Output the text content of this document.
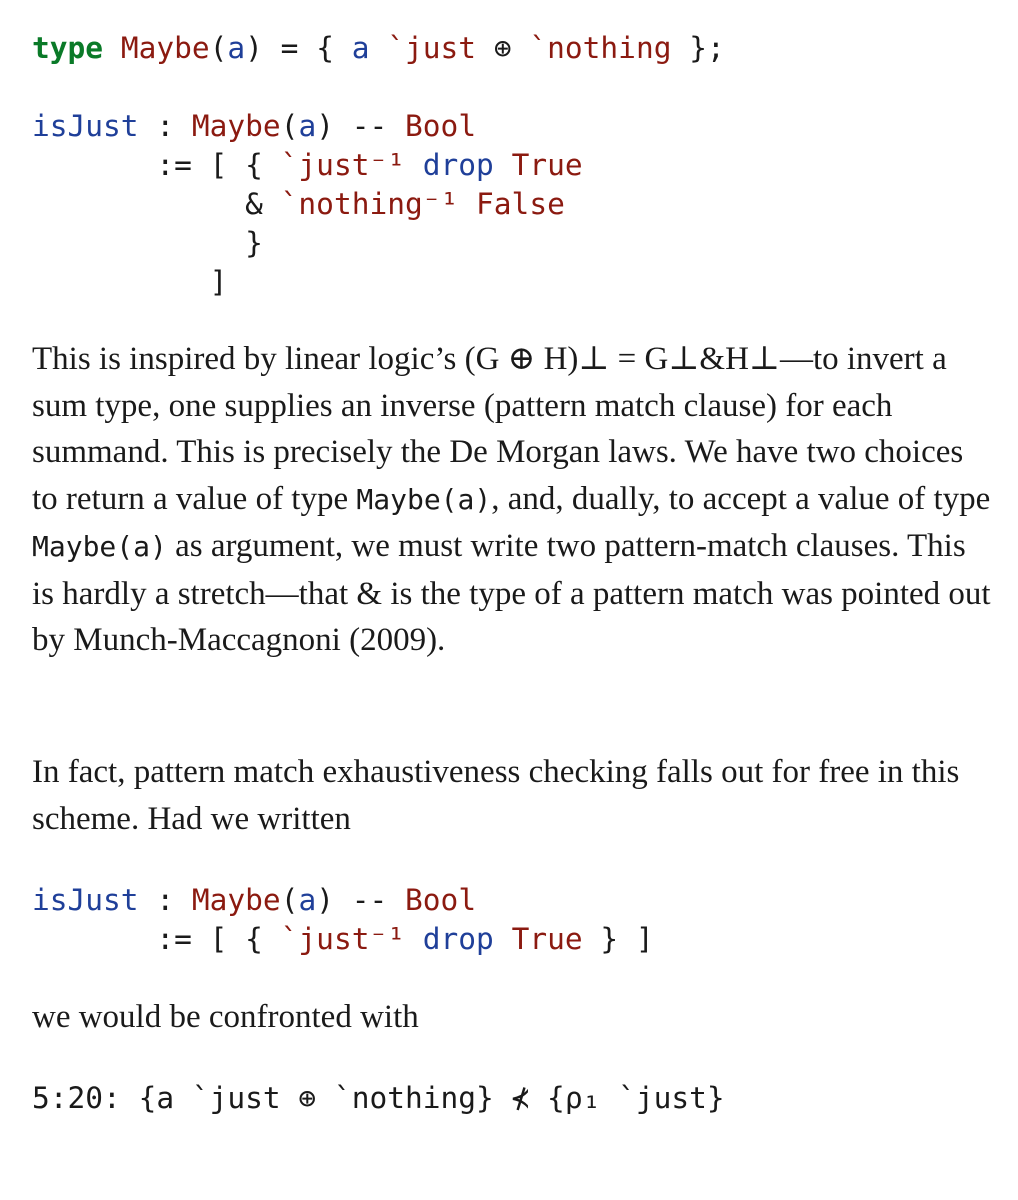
type Maybe(a) = { a `just ⊕ `nothing };
isJust : Maybe(a) -- Bool
:= [ { `just⁻¹ drop True
& `nothing⁻¹ False
}
]

This is inspired by linear logic’s (G ⊕ H)⊥ = G⊥&H⊥—to invert a sum type, one supplies an inverse (pattern match clause) for each summand. This is precisely the De Morgan laws. We have two choices to return a value of type Maybe(a), and, dually, to accept a value of type Maybe(a) as argument, we must write two pattern-match clauses. This is hardly a stretch—that & is the type of a pattern match was pointed out by Munch-Maccagnoni (2009).

In fact, pattern match exhaustiveness checking falls out for free in this scheme. Had we written

isJust : Maybe(a) -- Bool
:= [ { `just⁻¹ drop True } ]

we would be confronted with

5:20: {a `just ⊕ `nothing} ⊀ {ρ₁ `just}
